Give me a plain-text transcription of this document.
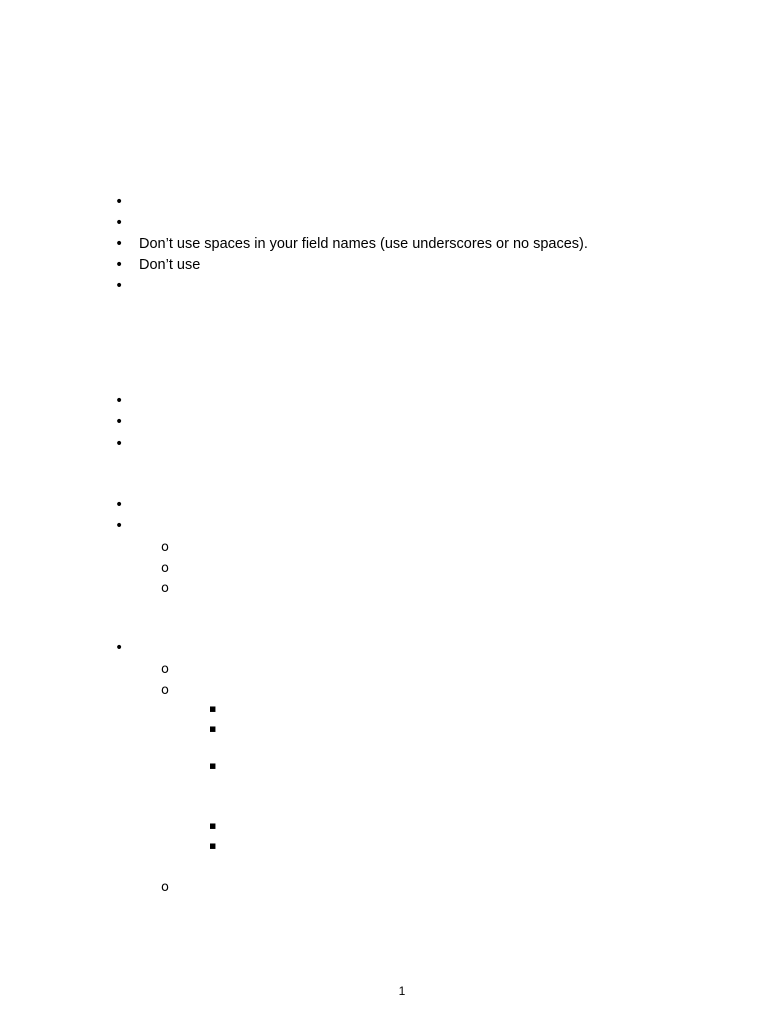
•
•
• Don’t use spaces in your field names (use underscores or no spaces).
• Don’t use
•
•
•
•
•
•
o
o
o
•
o
o
▪
▪
▪
▪
▪
o
1
